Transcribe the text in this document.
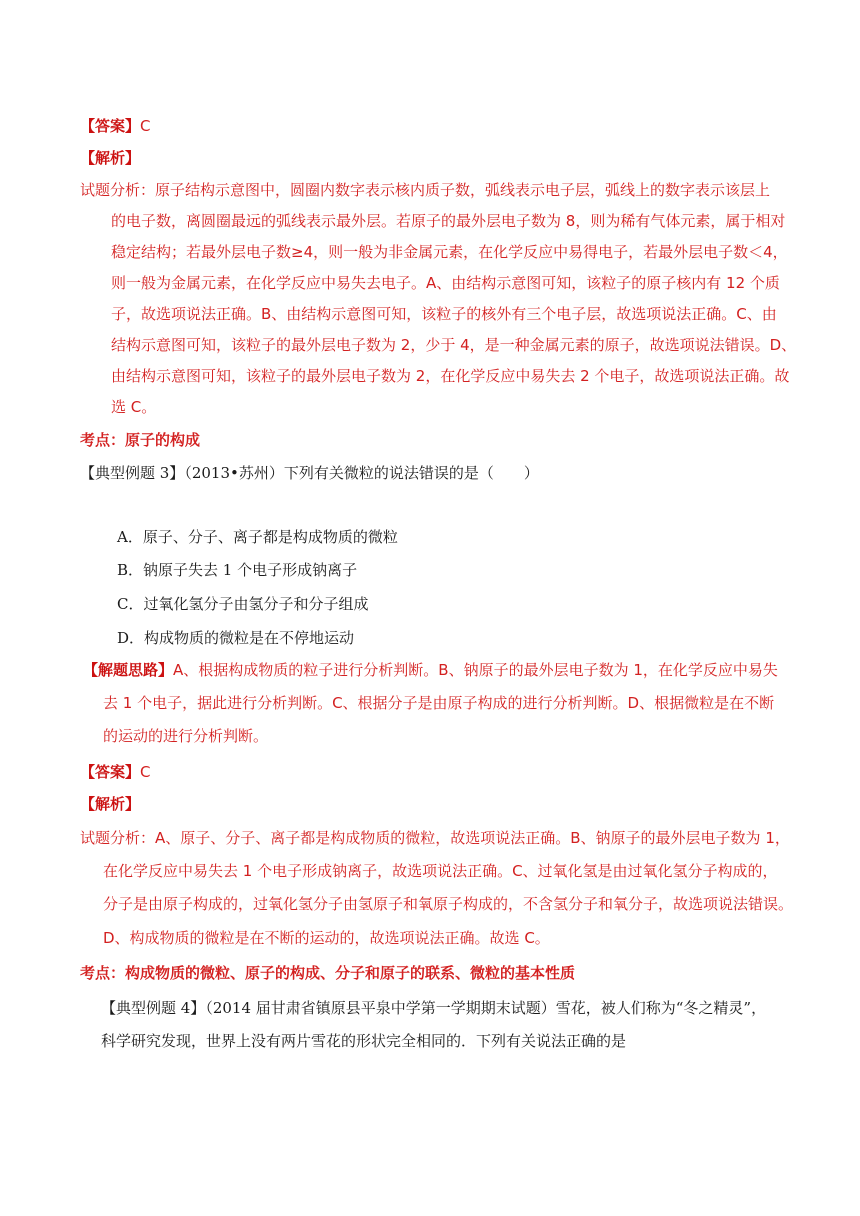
【答案】C
【解析】
试题分析：原子结构示意图中，圆圈内数字表示核内质子数，弧线表示电子层，弧线上的数字表示该层上
的电子数，离圆圈最远的弧线表示最外层。若原子的最外层电子数为 8，则为稀有气体元素，属于相对
稳定结构；若最外层电子数≥4，则一般为非金属元素，在化学反应中易得电子，若最外层电子数＜4，
则一般为金属元素，在化学反应中易失去电子。A、由结构示意图可知，该粒子的原子核内有 12 个质
子，故选项说法正确。B、由结构示意图可知，该粒子的核外有三个电子层，故选项说法正确。C、由
结构示意图可知，该粒子的最外层电子数为 2，少于 4，是一种金属元素的原子，故选项说法错误。D、
由结构示意图可知，该粒子的最外层电子数为 2，在化学反应中易失去 2 个电子，故选项说法正确。故
选 C。
考点：原子的构成
【典型例题 3】（2013•苏州）下列有关微粒的说法错误的是（　　）
A．原子、分子、离子都是构成物质的微粒
B．钠原子失去 1 个电子形成钠离子
C．过氧化氢分子由氢分子和分子组成
D．构成物质的微粒是在不停地运动
【解题思路】A、根据构成物质的粒子进行分析判断。B、钠原子的最外层电子数为 1，在化学反应中易失
去 1 个电子，据此进行分析判断。C、根据分子是由原子构成的进行分析判断。D、根据微粒是在不断
的运动的进行分析判断。
【答案】C
【解析】
试题分析：A、原子、分子、离子都是构成物质的微粒，故选项说法正确。B、钠原子的最外层电子数为 1，
在化学反应中易失去 1 个电子形成钠离子，故选项说法正确。C、过氧化氢是由过氧化氢分子构成的，
分子是由原子构成的，过氧化氢分子由氢原子和氧原子构成的，不含氢分子和氧分子，故选项说法错误。
D、构成物质的微粒是在不断的运动的，故选项说法正确。故选 C。
考点：构成物质的微粒、原子的构成、分子和原子的联系、微粒的基本性质
【典型例题 4】（2014 届甘肃省镇原县平泉中学第一学期期末试题）雪花，被人们称为“冬之精灵”，
科学研究发现，世界上没有两片雪花的形状完全相同的．下列有关说法正确的是
